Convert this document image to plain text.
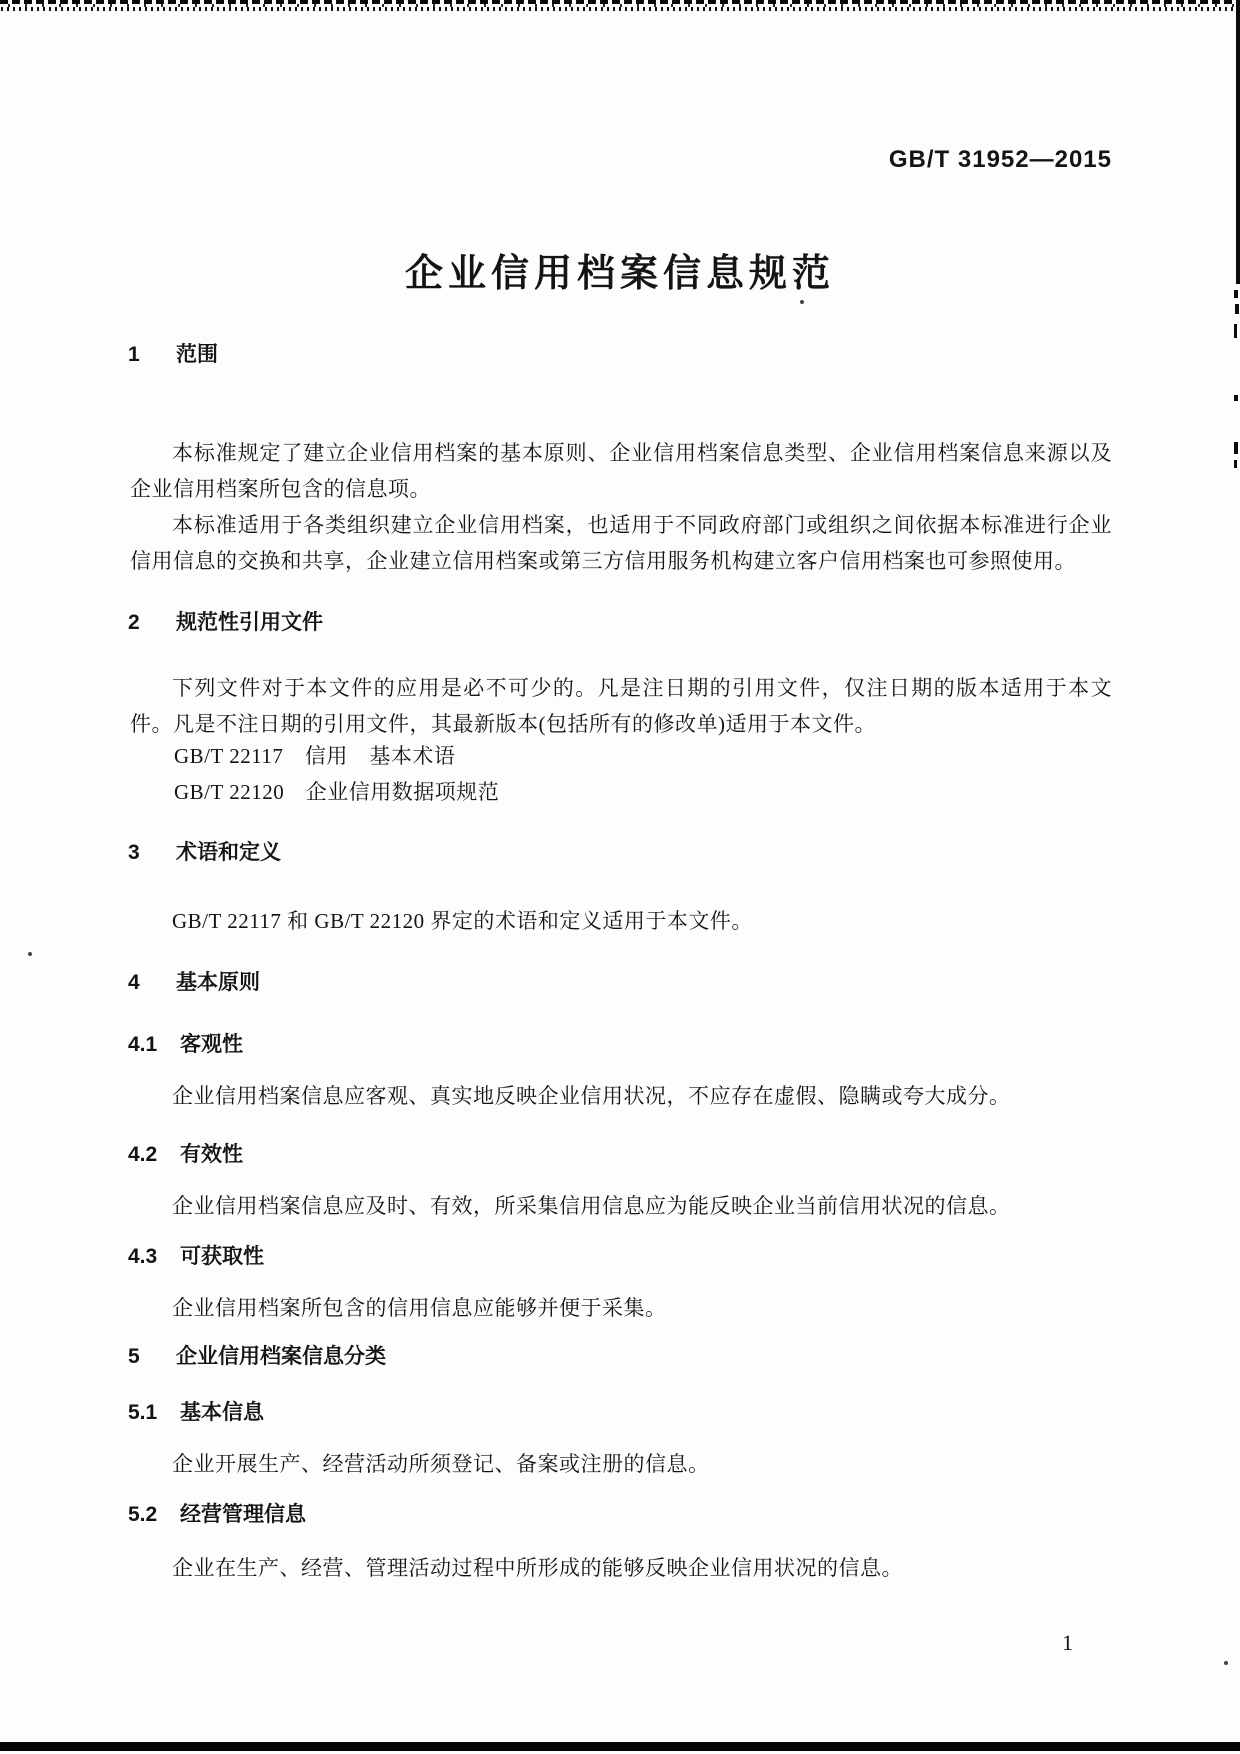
GB/T 31952—2015
企业信用档案信息规范
1 范围
本标准规定了建立企业信用档案的基本原则、企业信用档案信息类型、企业信用档案信息来源以及企业信用档案所包含的信息项。
本标准适用于各类组织建立企业信用档案，也适用于不同政府部门或组织之间依据本标准进行企业信用信息的交换和共享，企业建立信用档案或第三方信用服务机构建立客户信用档案也可参照使用。
2 规范性引用文件
下列文件对于本文件的应用是必不可少的。凡是注日期的引用文件，仅注日期的版本适用于本文件。凡是不注日期的引用文件，其最新版本(包括所有的修改单)适用于本文件。
GB/T 22117　信用　基本术语
GB/T 22120　企业信用数据项规范
3 术语和定义
GB/T 22117 和 GB/T 22120 界定的术语和定义适用于本文件。
4 基本原则
4.1 客观性
企业信用档案信息应客观、真实地反映企业信用状况，不应存在虚假、隐瞒或夸大成分。
4.2 有效性
企业信用档案信息应及时、有效，所采集信用信息应为能反映企业当前信用状况的信息。
4.3 可获取性
企业信用档案所包含的信用信息应能够并便于采集。
5 企业信用档案信息分类
5.1 基本信息
企业开展生产、经营活动所须登记、备案或注册的信息。
5.2 经营管理信息
企业在生产、经营、管理活动过程中所形成的能够反映企业信用状况的信息。
1
